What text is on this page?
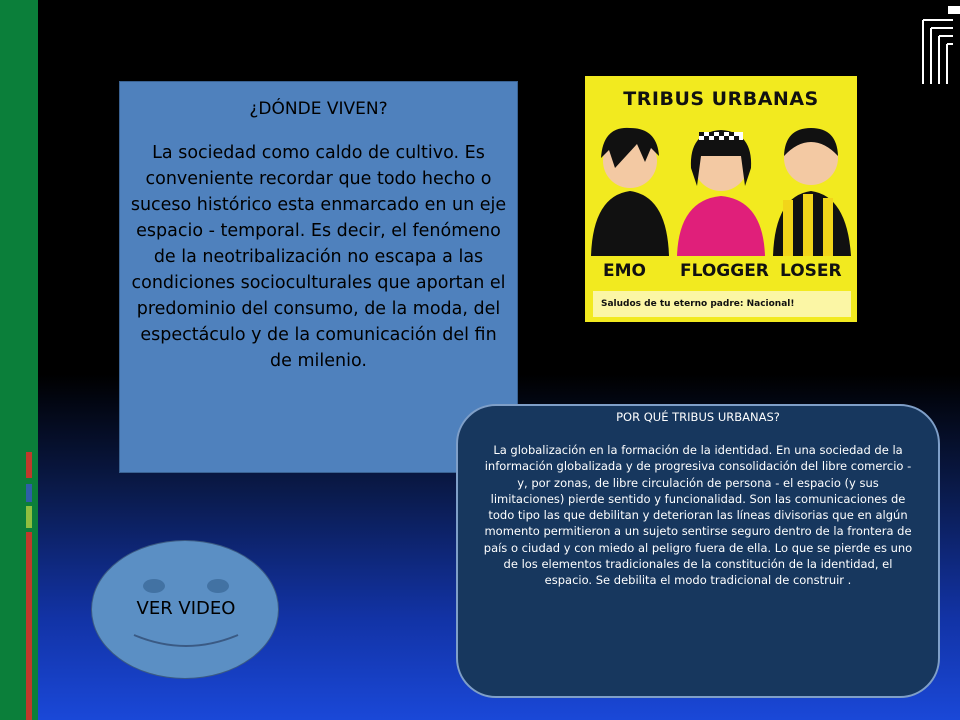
¿DÓNDE VIVEN?
La sociedad como caldo de cultivo. Es conveniente recordar que todo hecho o suceso histórico esta enmarcado en un eje espacio - temporal. Es decir, el fenómeno de la neotribalización no escapa a las condiciones socioculturales que aportan el predominio del consumo, de la moda, del espectáculo y de la comunicación del fin de milenio.
TRIBUS URBANAS
EMO FLOGGER LOSER
Saludos de tu eterno padre: Nacional!
POR QUÉ TRIBUS URBANAS?
La globalización en la formación de la identidad. En una sociedad de la información globalizada y de progresiva consolidación del libre comercio - y, por zonas, de libre circulación de persona - el espacio (y sus limitaciones) pierde sentido y funcionalidad. Son las comunicaciones de todo tipo las que debilitan y deterioran las líneas divisorias que en algún momento permitieron a un sujeto sentirse seguro dentro de la frontera de país o ciudad y con miedo al peligro fuera de ella. Lo que se pierde es uno de los elementos tradicionales de la constitución de la identidad, el espacio. Se debilita el modo tradicional de construir .
VER VIDEO
